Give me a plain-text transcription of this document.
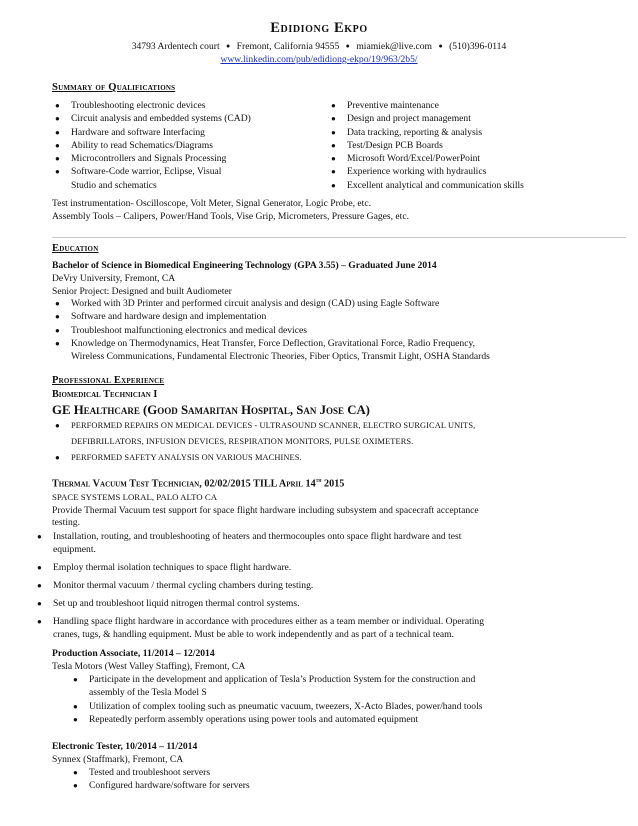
Edidiong Ekpo
34793 Ardentech court ● Fremont, California 94555 ● miamiek@live.com ● (510)396-0114
www.linkedin.com/pub/edidiong-ekpo/19/963/2b5/
Summary of Qualifications
● Troubleshooting electronic devices
● Circuit analysis and embedded systems (CAD)
● Hardware and software Interfacing
● Ability to read Schematics/Diagrams
● Microcontrollers and Signals Processing
● Software-Code warrior, Eclipse, Visual
Studio and schematics
● Preventive maintenance
● Design and project management
● Data tracking, reporting & analysis
● Test/Design PCB Boards
● Microsoft Word/Excel/PowerPoint
● Experience working with hydraulics
● Excellent analytical and communication skills
Test instrumentation- Oscilloscope, Volt Meter, Signal Generator, Logic Probe, etc.
Assembly Tools – Calipers, Power/Hand Tools, Vise Grip, Micrometers, Pressure Gages, etc.
Education
Bachelor of Science in Biomedical Engineering Technology (GPA 3.55) – Graduated June 2014
DeVry University, Fremont, CA
Senior Project: Designed and built Audiometer
● Worked with 3D Printer and performed circuit analysis and design (CAD) using Eagle Software
● Software and hardware design and implementation
● Troubleshoot malfunctioning electronics and medical devices
● Knowledge on Thermodynamics, Heat Transfer, Force Deflection, Gravitational Force, Radio Frequency,
Wireless Communications, Fundamental Electronic Theories, Fiber Optics, Transmit Light, OSHA Standards
Professional Experience
Biomedical Technician I
GE Healthcare (Good Samaritan Hospital, San Jose CA)
● PERFORMED REPAIRS ON MEDICAL DEVICES - ULTRASOUND SCANNER, ELECTRO SURGICAL UNITS,
DEFIBRILLATORS, INFUSION DEVICES, RESPIRATION MONITORS, PULSE OXIMETERS.
● PERFORMED SAFETY ANALYSIS ON VARIOUS MACHINES.
Thermal Vacuum Test Technician, 02/02/2015 TILL April 14th 2015
SPACE SYSTEMS LORAL, PALO ALTO CA
Provide Thermal Vacuum test support for space flight hardware including subsystem and spacecraft acceptance
testing.
● Installation, routing, and troubleshooting of heaters and thermocouples onto space flight hardware and test
equipment.
● Employ thermal isolation techniques to space flight hardware.
● Monitor thermal vacuum / thermal cycling chambers during testing.
● Set up and troubleshoot liquid nitrogen thermal control systems.
● Handling space flight hardware in accordance with procedures either as a team member or individual. Operating
cranes, tugs, & handling equipment. Must be able to work independently and as part of a technical team.
Production Associate, 11/2014 – 12/2014
Tesla Motors (West Valley Staffing), Fremont, CA
● Participate in the development and application of Tesla’s Production System for the construction and
assembly of the Tesla Model S
● Utilization of complex tooling such as pneumatic vacuum, tweezers, X-Acto Blades, power/hand tools
● Repeatedly perform assembly operations using power tools and automated equipment
Electronic Tester, 10/2014 – 11/2014
Synnex (Staffmark), Fremont, CA
● Tested and troubleshoot servers
● Configured hardware/software for servers
